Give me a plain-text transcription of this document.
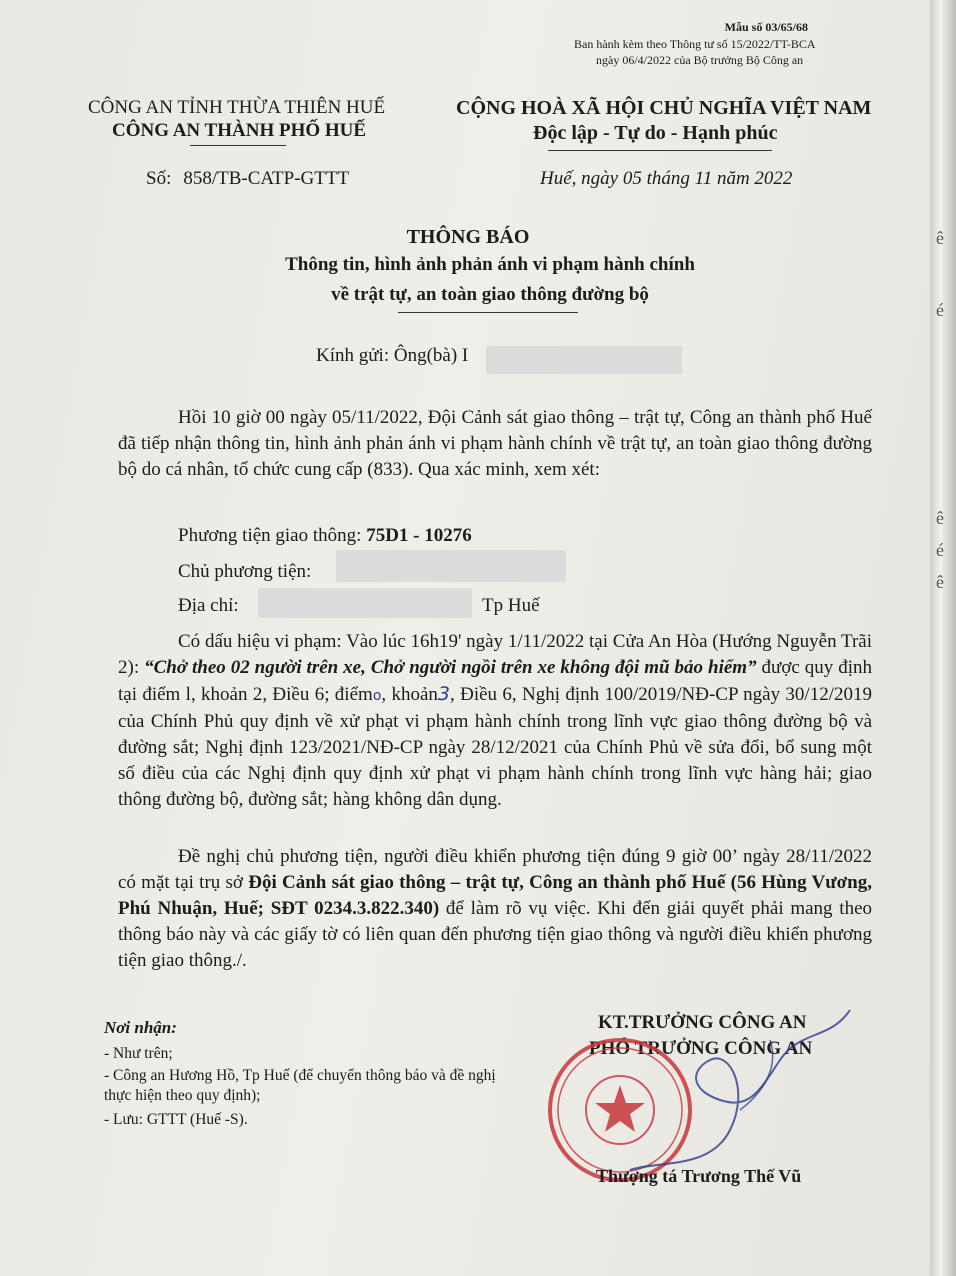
Mẫu số 03/65/68
Ban hành kèm theo Thông tư số 15/2022/TT-BCA
ngày 06/4/2022 của Bộ trưởng Bộ Công an
CÔNG AN TỈNH THỪA THIÊN HUẾ
CÔNG AN THÀNH PHỐ HUẾ
CỘNG HOÀ XÃ HỘI CHỦ NGHĨA VIỆT NAM
Độc lập - Tự do - Hạnh phúc
Số: 858/TB-CATP-GTTT	Huế, ngày 05 tháng 11 năm 2022
THÔNG BÁO
Thông tin, hình ảnh phản ánh vi phạm hành chính
về trật tự, an toàn giao thông đường bộ
Kính gửi: Ông(bà) I
Hồi 10 giờ 00 ngày 05/11/2022, Đội Cảnh sát giao thông – trật tự, Công an thành phố Huế đã tiếp nhận thông tin, hình ảnh phản ánh vi phạm hành chính về trật tự, an toàn giao thông đường bộ do cá nhân, tổ chức cung cấp (833). Qua xác minh, xem xét:
Phương tiện giao thông: 75D1 - 10276
Chủ phương tiện:
Địa chỉ:	Tp Huế
Có dấu hiệu vi phạm: Vào lúc 16h19' ngày 1/11/2022 tại Cửa An Hòa (Hướng Nguyễn Trãi 2): “Chở theo 02 người trên xe, Chở người ngồi trên xe không đội mũ bảo hiểm” được quy định tại điểm l, khoản 2, Điều 6; điểmo, khoản3, Điều 6, Nghị định 100/2019/NĐ-CP ngày 30/12/2019 của Chính Phủ quy định về xử phạt vi phạm hành chính trong lĩnh vực giao thông đường bộ và đường sắt; Nghị định 123/2021/NĐ-CP ngày 28/12/2021 của Chính Phủ về sửa đổi, bổ sung một số điều của các Nghị định quy định xử phạt vi phạm hành chính trong lĩnh vực hàng hải; giao thông đường bộ, đường sắt; hàng không dân dụng.
Đề nghị chủ phương tiện, người điều khiển phương tiện đúng 9 giờ 00’ ngày 28/11/2022 có mặt tại trụ sở Đội Cảnh sát giao thông – trật tự, Công an thành phố Huế (56 Hùng Vương, Phú Nhuận, Huế; SĐT 0234.3.822.340) để làm rõ vụ việc. Khi đến giải quyết phải mang theo thông báo này và các giấy tờ có liên quan đến phương tiện giao thông và người điều khiển phương tiện giao thông./.
Nơi nhận:
- Như trên;
- Công an Hương Hồ, Tp Huế (để chuyển thông báo và đề nghị thực hiện theo quy định);
- Lưu: GTTT (Huế -S).
KT.TRƯỞNG CÔNG AN
PHÓ TRƯỞNG CÔNG AN
Thượng tá Trương Thế Vũ
ê
é
ê
é
ê
